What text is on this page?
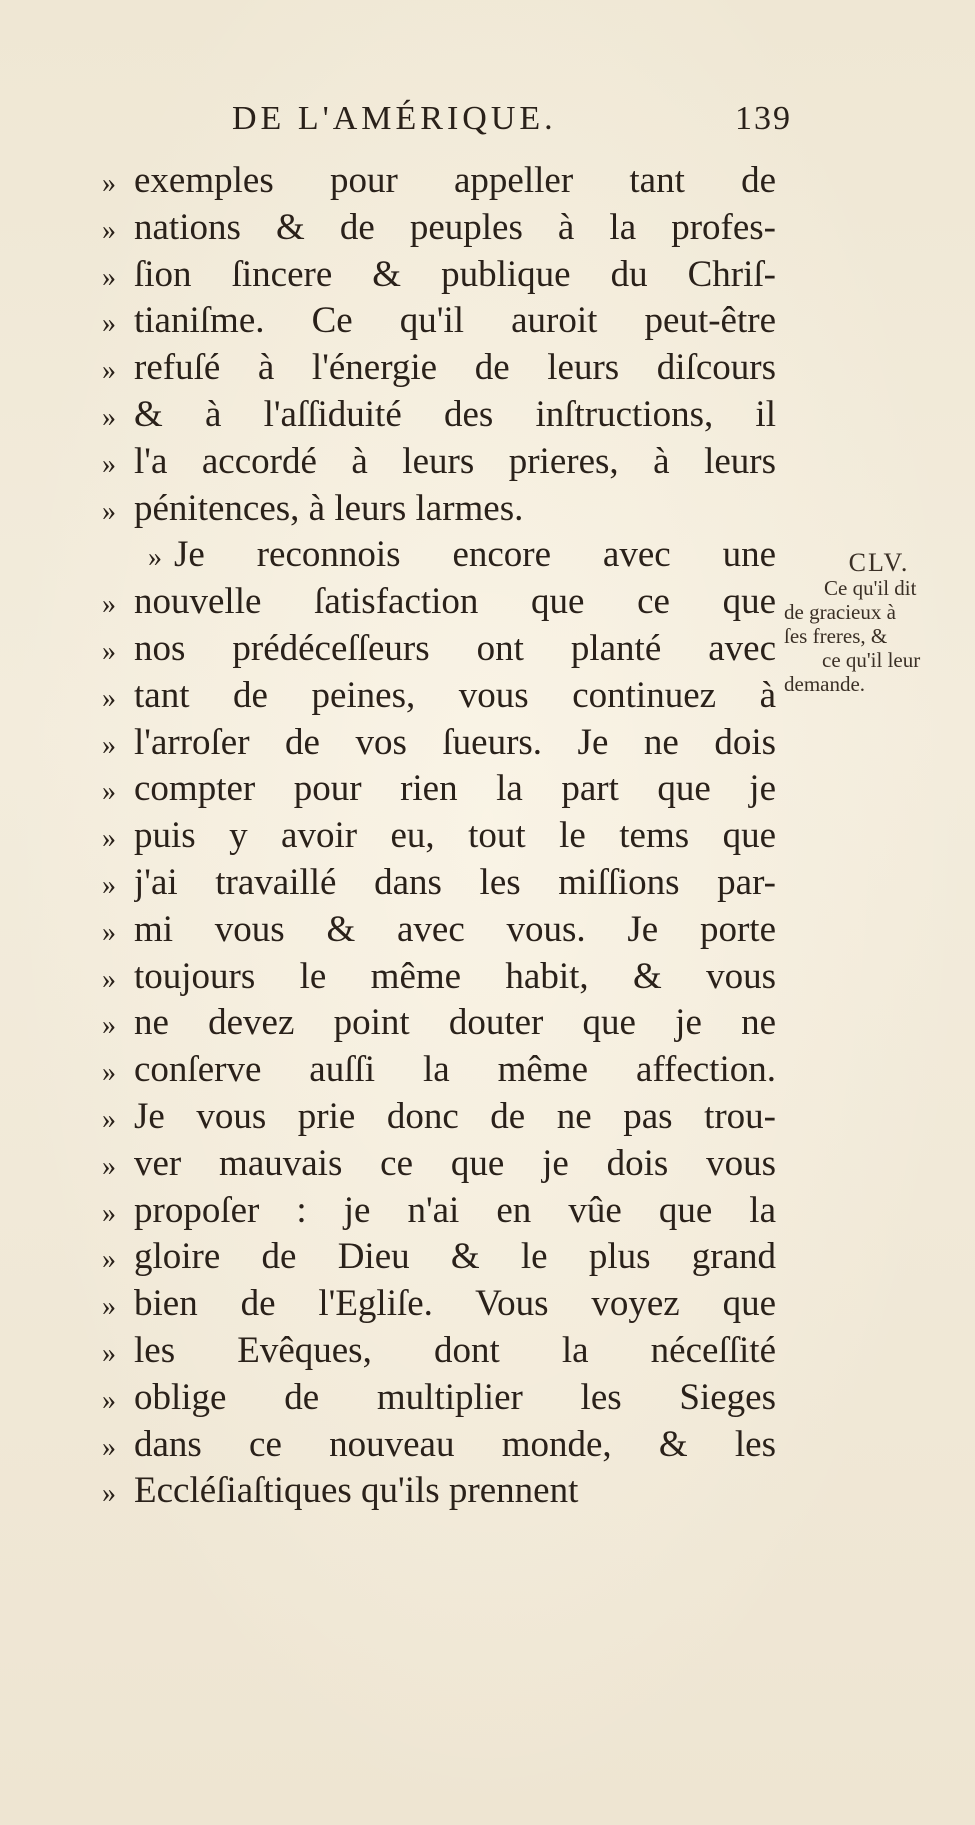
DE L'AMÉRIQUE.	139
» exemples pour appeller tant de
» nations & de peuples à la profes-
» ſion ſincere & publique du Chriſ-
» tianiſme. Ce qu'il auroit peut-être
» refuſé à l'énergie de leurs diſcours
» & à l'aſſiduité des inſtructions, il
» l'a accordé à leurs prieres, à leurs
» pénitences, à leurs larmes.
» Je reconnois encore avec une
» nouvelle ſatisfaction que ce que
» nos prédéceſſeurs ont planté avec
» tant de peines, vous continuez à
» l'arroſer de vos ſueurs. Je ne dois
» compter pour rien la part que je
» puis y avoir eu, tout le tems que
» j'ai travaillé dans les miſſions par-
» mi vous & avec vous. Je porte
» toujours le même habit, & vous
» ne devez point douter que je ne
» conſerve auſſi la même affection.
» Je vous prie donc de ne pas trou-
» ver mauvais ce que je dois vous
» propoſer : je n'ai en vûe que la
» gloire de Dieu & le plus grand
» bien de l'Egliſe. Vous voyez que
» les Evêques, dont la néceſſité
» oblige de multiplier les Sieges
» dans ce nouveau monde, & les
» Eccléſiaſtiques qu'ils prennent
CLV.
Ce qu'il dit
de gracieux à
ſes freres, &
ce qu'il leur
demande.
